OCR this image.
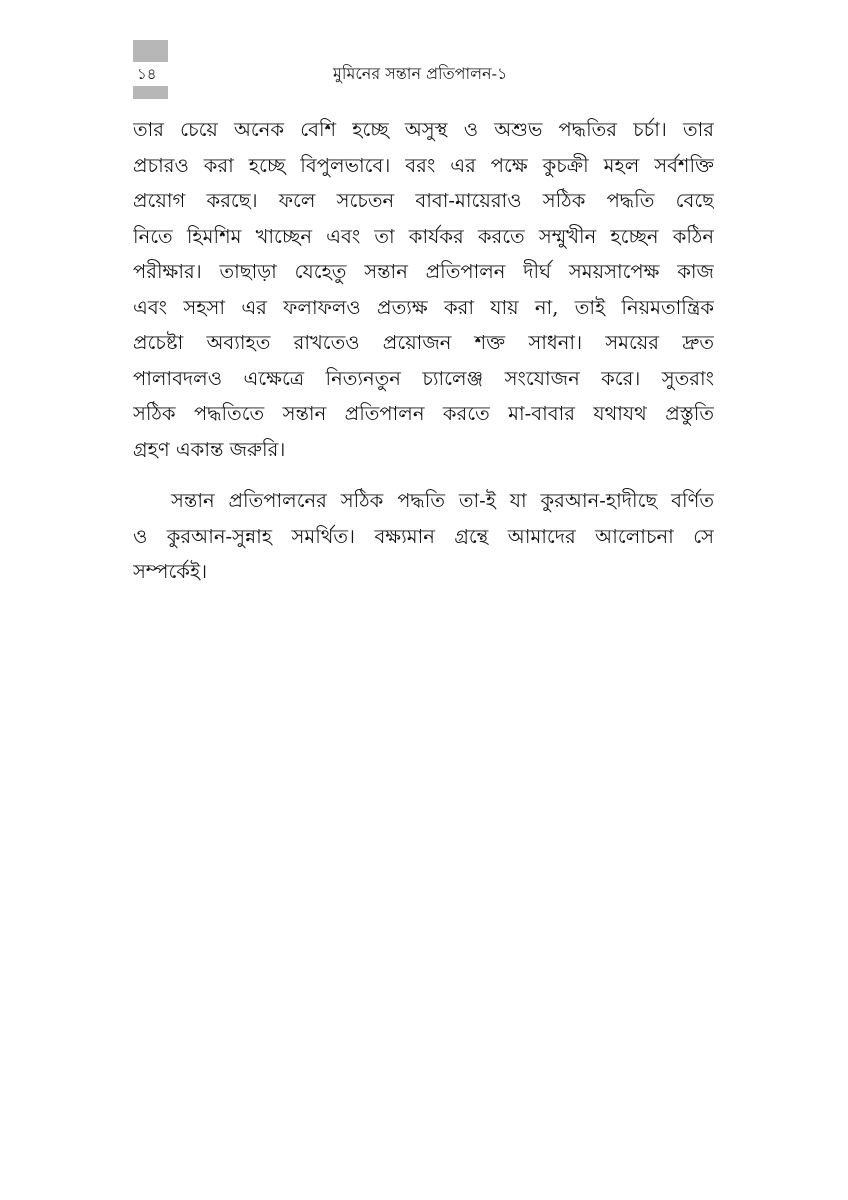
১৪	মুমিনের সন্তান প্রতিপালন-১
তার চেয়ে অনেক বেশি হচ্ছে অসুস্থ ও অশুভ পদ্ধতির চর্চা। তার
প্রচারও করা হচ্ছে বিপুলভাবে। বরং এর পক্ষে কুচক্রী মহল সর্বশক্তি
প্রয়োগ করছে। ফলে সচেতন বাবা-মায়েরাও সঠিক পদ্ধতি বেছে
নিতে হিমশিম খাচ্ছেন এবং তা কার্যকর করতে সম্মুখীন হচ্ছেন কঠিন
পরীক্ষার। তাছাড়া যেহেতু সন্তান প্রতিপালন দীর্ঘ সময়সাপেক্ষ কাজ
এবং সহসা এর ফলাফলও প্রত্যক্ষ করা যায় না, তাই নিয়মতান্ত্রিক
প্রচেষ্টা অব্যাহত রাখতেও প্রয়োজন শক্ত সাধনা। সময়ের দ্রুত
পালাবদলও এক্ষেত্রে নিত্যনতুন চ্যালেঞ্জ সংযোজন করে। সুতরাং
সঠিক পদ্ধতিতে সন্তান প্রতিপালন করতে মা-বাবার যথাযথ প্রস্তুতি
গ্রহণ একান্ত জরুরি।
সন্তান প্রতিপালনের সঠিক পদ্ধতি তা-ই যা কুরআন-হাদীছে বর্ণিত
ও কুরআন-সুন্নাহ সমর্থিত। বক্ষ্যমান গ্রন্থে আমাদের আলোচনা সে
সম্পর্কেই।
